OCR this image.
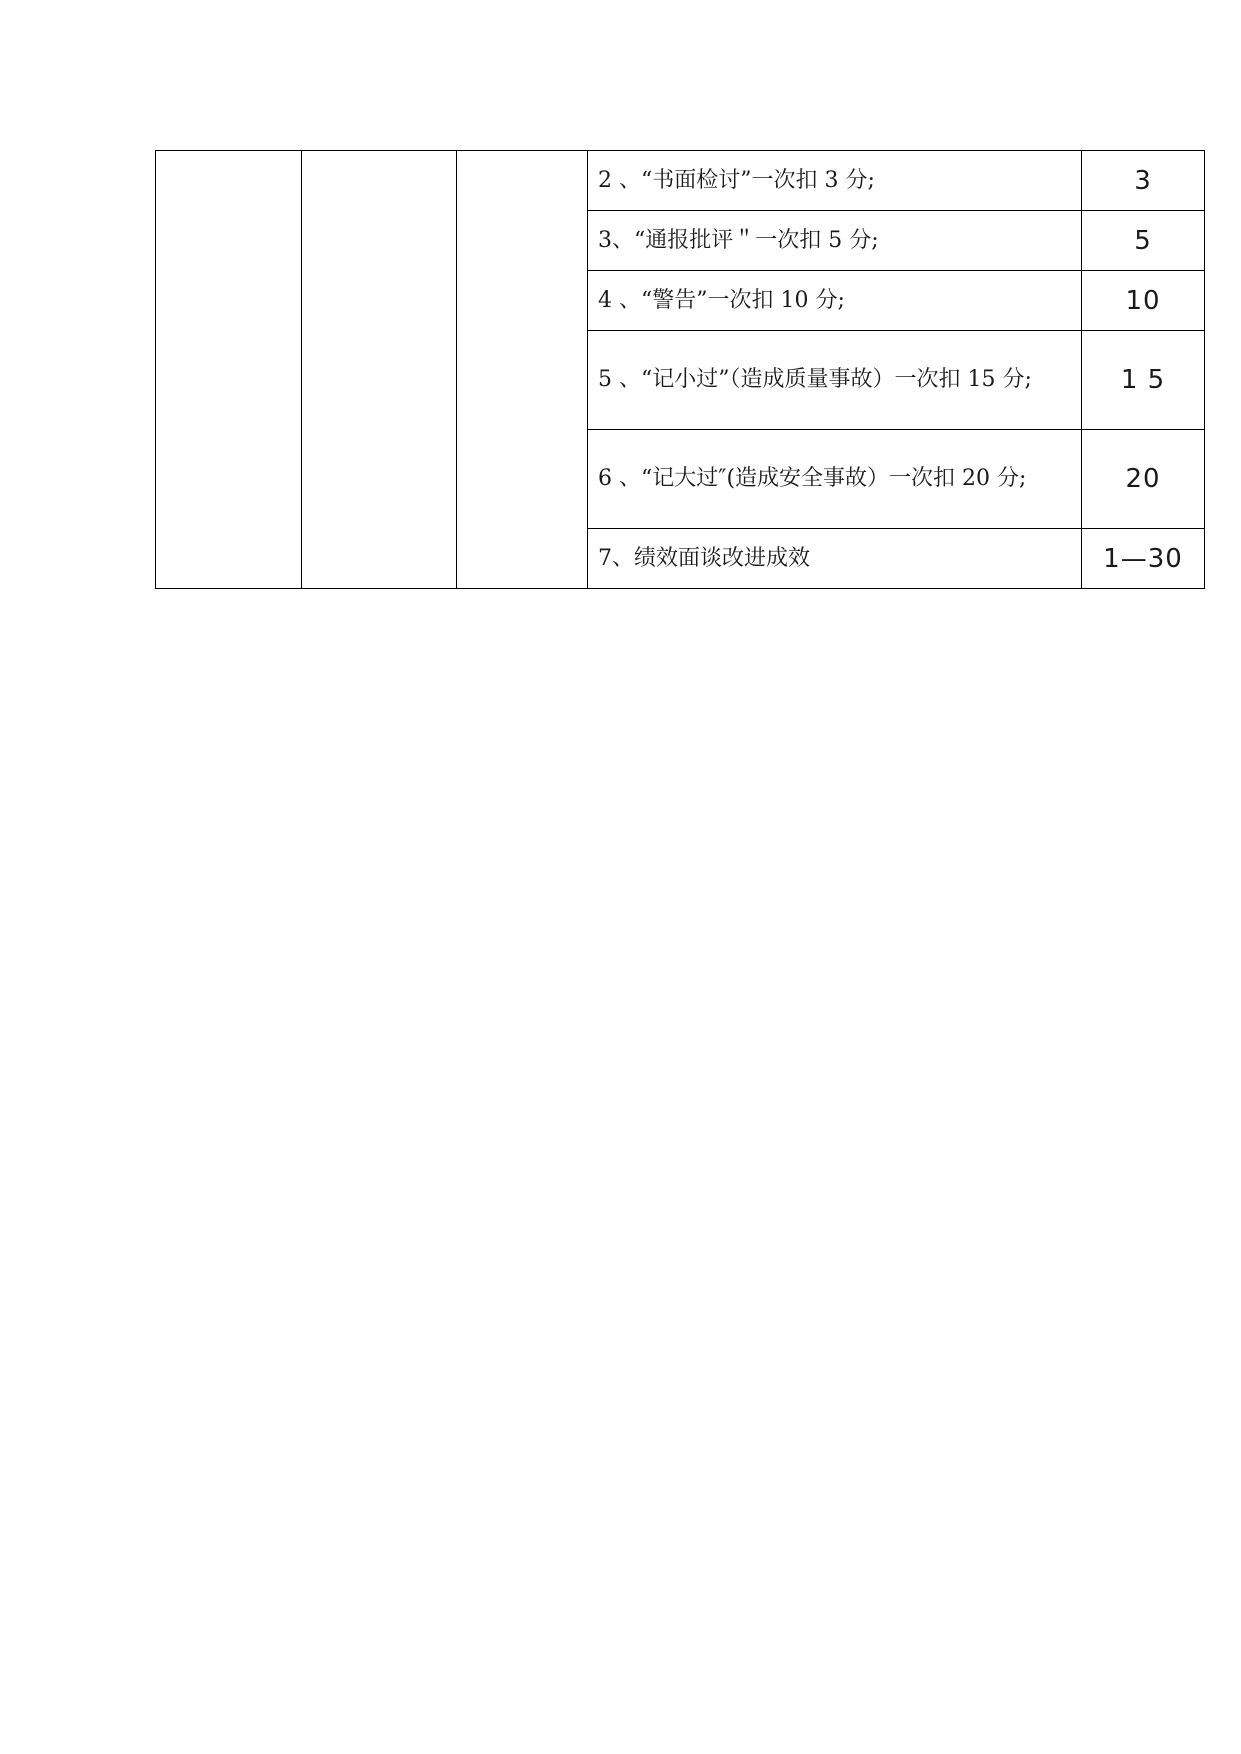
			2 、“书面检讨”一次扣 3 分;	3
			3、“通报批评＂一次扣 5 分;	5
			4 、“警告”一次扣 10 分;	10
			5 、“记小过”（造成质量事故）一次扣 15 分;	1 5
			6 、“记大过″(造成安全事故）一次扣 20 分;	20
			7、绩效面谈改进成效	1—30
